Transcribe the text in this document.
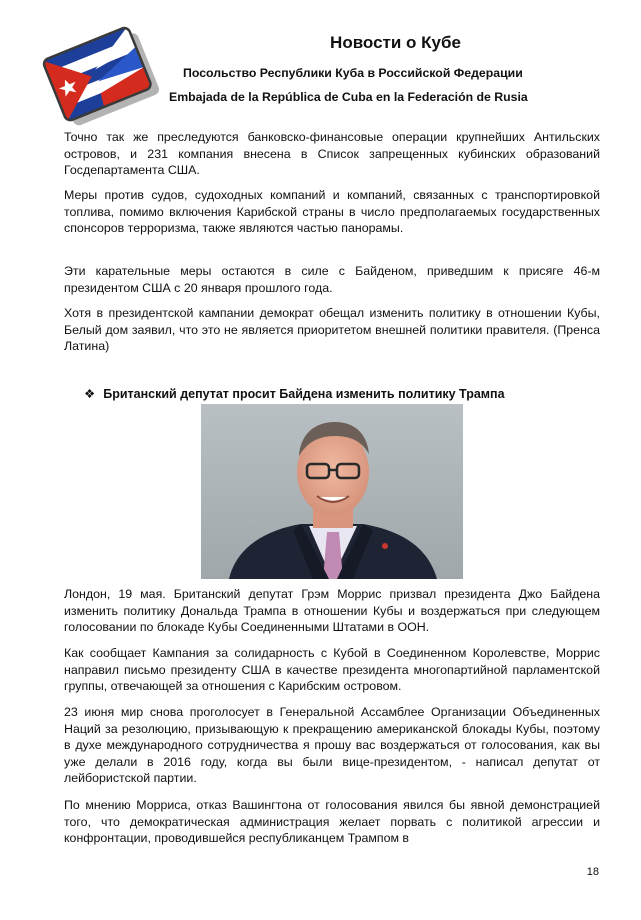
Новости о Кубе
Посольство Республики Куба в Российской Федерации
Embajada de la República de Cuba en la Federación de Rusia

Точно так же преследуются банковско-финансовые операции крупнейших Антильских островов, и 231 компания внесена в Список запрещенных кубинских образований Госдепартамента США.

Меры против судов, судоходных компаний и компаний, связанных с транспортировкой топлива, помимо включения Карибской страны в число предполагаемых государственных спонсоров терроризма, также являются частью панорамы.

Эти карательные меры остаются в силе с Байденом, приведшим к присяге 46-м президентом США с 20 января прошлого года.

Хотя в президентской кампании демократ обещал изменить политику в отношении Кубы, Белый дом заявил, что это не является приоритетом внешней политики правителя. (Пренса Латина)

❖ Британский депутат просит Байдена изменить политику Трампа

Лондон, 19 мая. Британский депутат Грэм Моррис призвал президента Джо Байдена изменить политику Дональда Трампа в отношении Кубы и воздержаться при следующем голосовании по блокаде Кубы Соединенными Штатами в ООН.

Как сообщает Кампания за солидарность с Кубой в Соединенном Королевстве, Моррис направил письмо президенту США в качестве президента многопартийной парламентской группы, отвечающей за отношения с Карибским островом.

23 июня мир снова проголосует в Генеральной Ассамблее Организации Объединенных Наций за резолюцию, призывающую к прекращению американской блокады Кубы, поэтому в духе международного сотрудничества я прошу вас воздержаться от голосования, как вы уже делали в 2016 году, когда вы были вице-президентом, - написал депутат от лейбористской партии.

По мнению Морриса, отказ Вашингтона от голосования явился бы явной демонстрацией того, что демократическая администрация желает порвать с политикой агрессии и конфронтации, проводившейся республиканцем Трампом в

18
